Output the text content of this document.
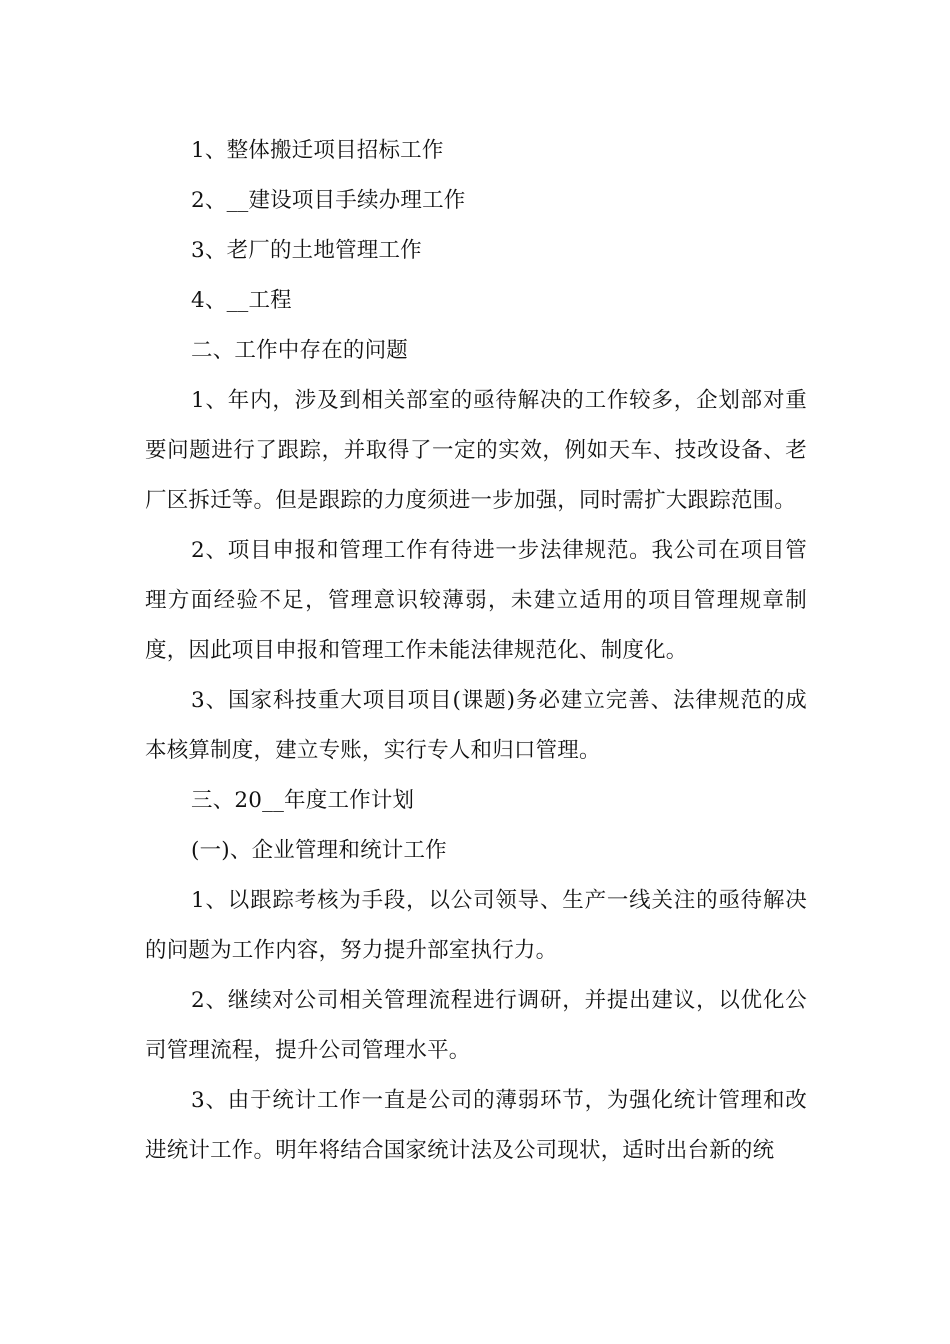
1、整体搬迁项目招标工作

2、__建设项目手续办理工作

3、老厂的土地管理工作

4、__工程

二、工作中存在的问题

1、年内，涉及到相关部室的亟待解决的工作较多，企划部对重要问题进行了跟踪，并取得了一定的实效，例如天车、技改设备、老厂区拆迁等。但是跟踪的力度须进一步加强，同时需扩大跟踪范围。

2、项目申报和管理工作有待进一步法律规范。我公司在项目管理方面经验不足，管理意识较薄弱，未建立适用的项目管理规章制度，因此项目申报和管理工作未能法律规范化、制度化。

3、国家科技重大项目项目(课题)务必建立完善、法律规范的成本核算制度，建立专账，实行专人和归口管理。

三、20__年度工作计划

(一)、企业管理和统计工作

1、以跟踪考核为手段，以公司领导、生产一线关注的亟待解决的问题为工作内容，努力提升部室执行力。

2、继续对公司相关管理流程进行调研，并提出建议，以优化公司管理流程，提升公司管理水平。

3、由于统计工作一直是公司的薄弱环节，为强化统计管理和改进统计工作。明年将结合国家统计法及公司现状，适时出台新的统
